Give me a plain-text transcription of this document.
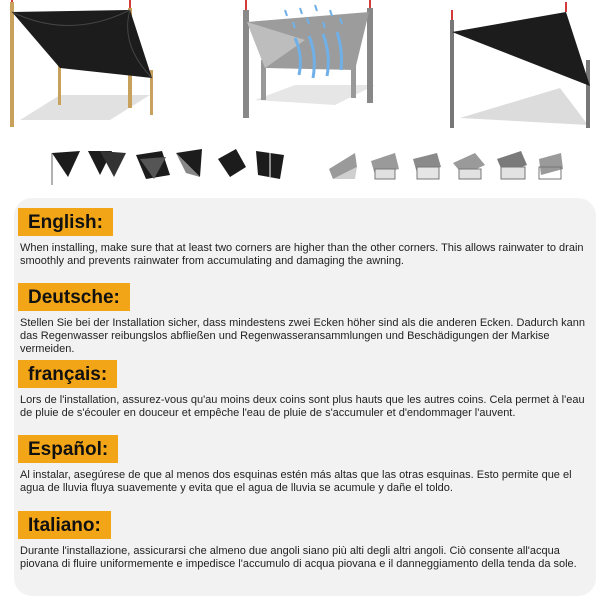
English:

When installing, make sure that at least two corners are higher than the other corners. This allows rainwater to drain smoothly and prevents rainwater from accumulating and damaging the awning.

Deutsche:

Stellen Sie bei der Installation sicher, dass mindestens zwei Ecken höher sind als die anderen Ecken. Dadurch kann das Regenwasser reibungslos abfließen und Regenwasseransammlungen und Beschädigungen der Markise vermeiden.

français:

Lors de l'installation, assurez-vous qu'au moins deux coins sont plus hauts que les autres coins. Cela permet à l'eau de pluie de s'écouler en douceur et empêche l'eau de pluie de s'accumuler et d'endommager l'auvent.

Español:

Al instalar, asegúrese de que al menos dos esquinas estén más altas que las otras esquinas. Esto permite que el agua de lluvia fluya suavemente y evita que el agua de lluvia se acumule y dañe el toldo.

Italiano:

Durante l'installazione, assicurarsi che almeno due angoli siano più alti degli altri angoli. Ciò consente all'acqua piovana di fluire uniformemente e impedisce l'accumulo di acqua piovana e il danneggiamento della tenda da sole.
